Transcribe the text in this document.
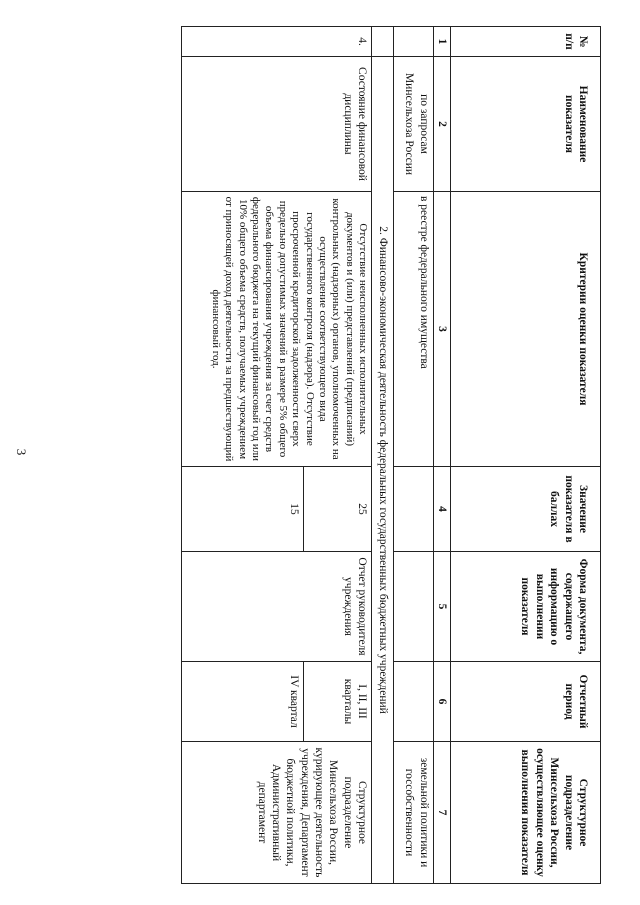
3
№ п/п	Наименование показателя	Критерии оценки показателя	Значение показателя в баллах	Форма документа, содержащего информацию о выполнении показателя	Отчетный период	Структурное подразделение Минсельхоза России, осуществляющее оценку выполнения показателя
1	2	3	4	5	6	7
	по запросам Минсельхоза России	в реестре федерального имущества				земельной политики и госсобственности
	2. Финансово-экономическая деятельность федеральных государственных бюджетных учреждений					
4.	Состояние финансовой дисциплины	Отсутствие неисполненных исполнительных документов и (или) представлений (предписаний) контрольных (надзорных) органов, уполномоченных на осуществление соответствующего вида государственного контроля (надзора). Отсутствие просроченной кредиторской задолженности сверх предельно допустимых значений в размере 5% общего объема финансирования учреждения за счет средств федерального бюджета на текущий финансовый год или 10% общего объема средств, получаемых учреждением от приносящей доход деятельности за предшествующий финансовый год.	25	Отчет руководителя учреждения	I, II, III кварталы	Структурное подразделение Минсельхоза России, курирующее деятельность учреждения, Департамент бюджетной политики, Административный департамент
			15		IV квартал	
